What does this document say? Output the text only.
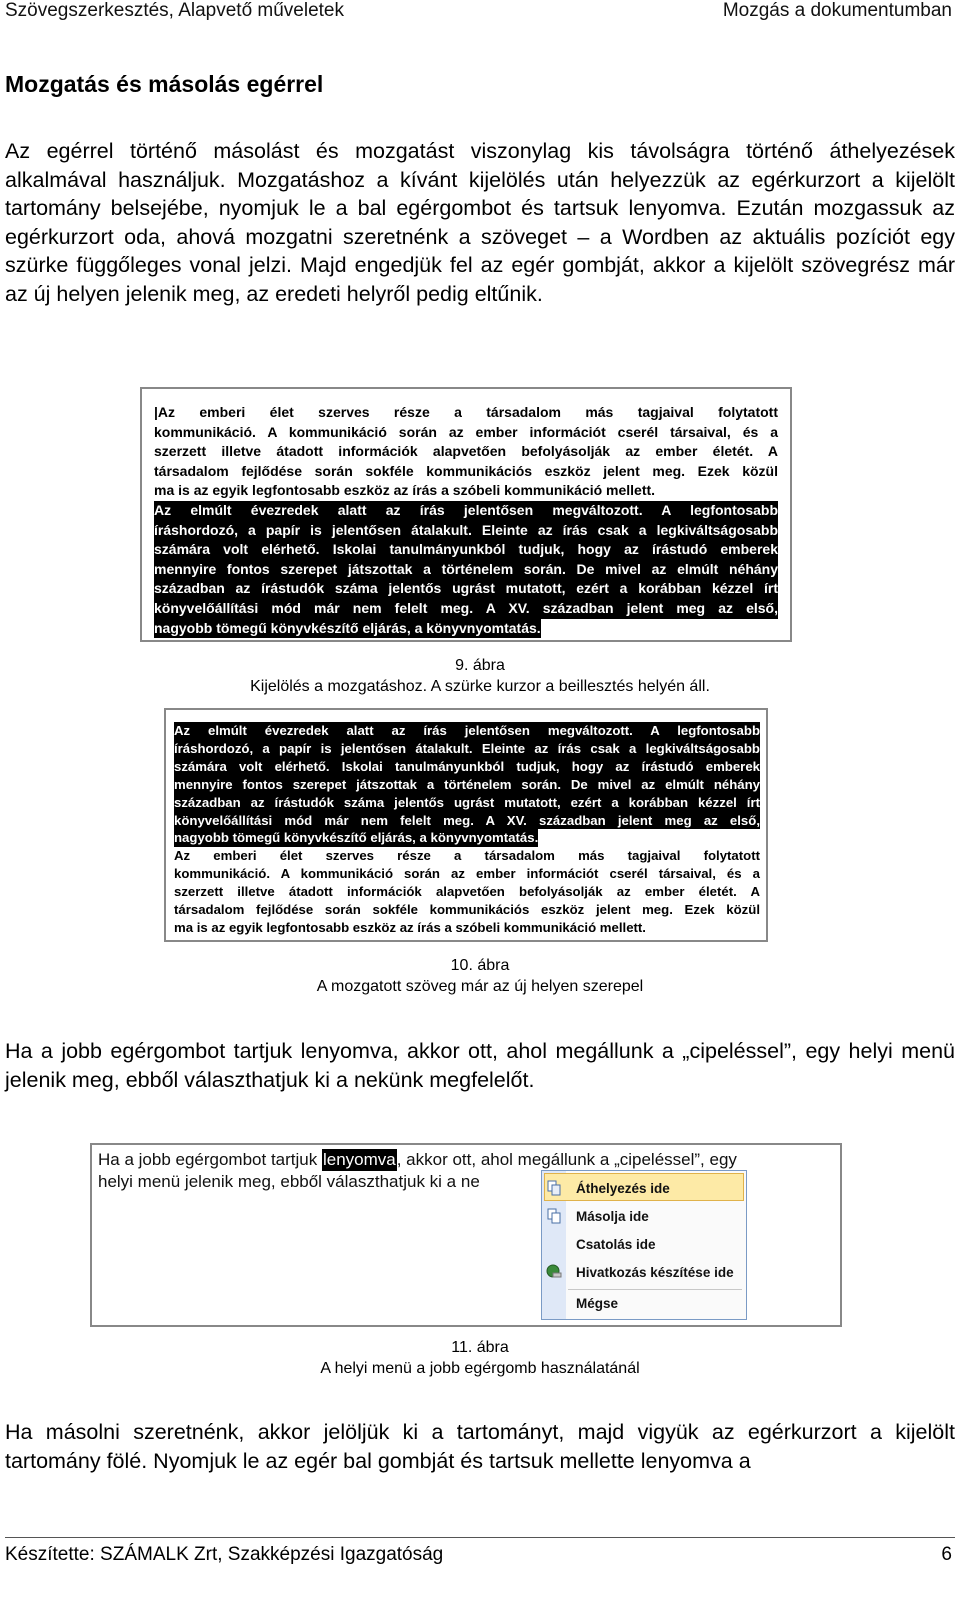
Szövegszerkesztés, Alapvető műveletek	Mozgás a dokumentumban
Mozgatás és másolás egérrel

Az egérrel történő másolást és mozgatást viszonylag kis távolságra történő áthelyezések alkalmával használjuk. Mozgatáshoz a kívánt kijelölés után helyezzük az egérkurzort a kijelölt tartomány belsejébe, nyomjuk le a bal egérgombot és tartsuk lenyomva. Ezután mozgassuk az egérkurzort oda, ahová mozgatni szeretnénk a szöveget – a Wordben az aktuális pozíciót egy szürke függőleges vonal jelzi. Majd engedjük fel az egér gombját, akkor a kijelölt szövegrész már az új helyen jelenik meg, az eredeti helyről pedig eltűnik.

|Az emberi élet szerves része a társadalom más tagjaival folytatott
kommunikáció. A kommunikáció során az ember információt cserél társaival, és a
szerzett illetve átadott információk alapvetően befolyásolják az ember életét. A
társadalom fejlődése során sokféle kommunikációs eszköz jelent meg. Ezek közül
ma is az egyik legfontosabb eszköz az írás a szóbeli kommunikáció mellett.
Az elmúlt évezredek alatt az írás jelentősen megváltozott. A legfontosabb íráshordozó, a papír is jelentősen átalakult. Eleinte az írás csak a legkiváltságosabb számára volt elérhető. Iskolai tanulmányunkból tudjuk, hogy az írástudó emberek mennyire fontos szerepet játszottak a történelem során. De mivel az elmúlt néhány században az írástudók száma jelentős ugrást mutatott, ezért a korábban kézzel írt könyvelőállítási mód már nem felelt meg. A XV. században jelent meg az első, nagyobb tömegű könyvkészítő eljárás, a könyvnyomtatás.
9. ábra
Kijelölés a mozgatáshoz. A szürke kurzor a beillesztés helyén áll.
Az elmúlt évezredek alatt az írás jelentősen megváltozott. A legfontosabb íráshordozó, a papír is jelentősen átalakult. Eleinte az írás csak a legkiváltságosabb számára volt elérhető. Iskolai tanulmányunkból tudjuk, hogy az írástudó emberek mennyire fontos szerepet játszottak a történelem során. De mivel az elmúlt néhány században az írástudók száma jelentős ugrást mutatott, ezért a korábban kézzel írt könyvelőállítási mód már nem felelt meg. A XV. században jelent meg az első, nagyobb tömegű könyvkészítő eljárás, a könyvnyomtatás.
Az emberi élet szerves része a társadalom más tagjaival folytatott
kommunikáció. A kommunikáció során az ember információt cserél társaival, és a
szerzett illetve átadott információk alapvetően befolyásolják az ember életét. A
társadalom fejlődése során sokféle kommunikációs eszköz jelent meg. Ezek közül
ma is az egyik legfontosabb eszköz az írás a szóbeli kommunikáció mellett.
10. ábra
A mozgatott szöveg már az új helyen szerepel

Ha a jobb egérgombot tartjuk lenyomva, akkor ott, ahol megállunk a „cipeléssel”, egy helyi menü jelenik meg, ebből választhatjuk ki a nekünk megfelelőt.

Ha a jobb egérgombot tartjuk lenyomva, akkor ott, ahol megállunk a „cipeléssel”, egy
helyi menü jelenik meg, ebből választhatjuk ki a ne	Áthelyezés ide
Másolja ide
Csatolás ide
Hivatkozás készítése ide
Mégse
11. ábra
A helyi menü a jobb egérgomb használatánál

Ha másolni szeretnénk, akkor jelöljük ki a tartományt, majd vigyük az egérkurzort a kijelölt tartomány fölé. Nyomjuk le az egér bal gombját és tartsuk mellette lenyomva a

Készítette: SZÁMALK Zrt, Szakképzési Igazgatóság	6
